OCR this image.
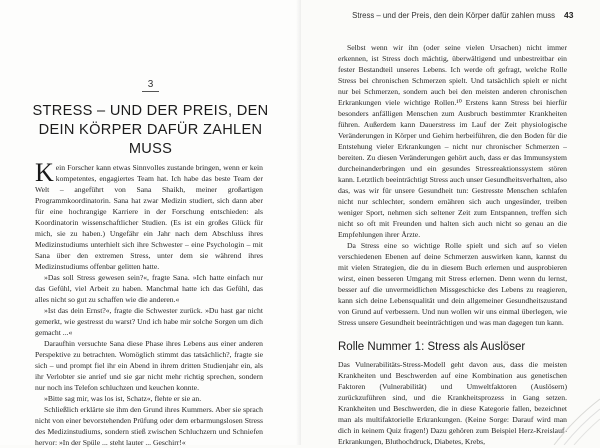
3
STRESS – UND DER PREIS, DEN DEIN KÖRPER DAFÜR ZAHLEN MUSS

Kein Forscher kann etwas Sinnvolles zustande bringen, wenn er kein kompetentes, engagiertes Team hat. Ich habe das beste Team der Welt – angeführt von Sana Shaikh, meiner großartigen Programmkoordinatorin. Sana hat zwar Medizin studiert, sich dann aber für eine hochrangige Karriere in der Forschung entschieden: als Koordinatorin wissenschaftlicher Studien. (Es ist ein großes Glück für mich, sie zu haben.) Ungefähr ein Jahr nach dem Abschluss ihres Medizinstudiums unterhielt sich ihre Schwester – eine Psychologin – mit Sana über den extremen Stress, unter dem sie während ihres Medizinstudiums offenbar gelitten hatte.

»Das soll Stress gewesen sein?«, fragte Sana. »Ich hatte einfach nur das Gefühl, viel Arbeit zu haben. Manchmal hatte ich das Gefühl, das alles nicht so gut zu schaffen wie die anderen.«

»Ist das dein Ernst?«, fragte die Schwester zurück. »Du hast gar nicht gemerkt, wie gestresst du warst? Und ich habe mir solche Sorgen um dich gemacht ...«

Daraufhin versuchte Sana diese Phase ihres Lebens aus einer anderen Perspektive zu betrachten. Womöglich stimmt das tatsächlich?, fragte sie sich – und prompt fiel ihr ein Abend in ihrem dritten Studienjahr ein, als ihr Verlobter sie anrief und sie gar nicht mehr richtig sprechen, sondern nur noch ins Telefon schluchzen und keuchen konnte.

»Bitte sag mir, was los ist, Schatz«, flehte er sie an.

Schließlich erklärte sie ihm den Grund ihres Kummers. Aber sie sprach nicht von einer bevorstehenden Prüfung oder dem erbarmungslosen Stress des Medizinstudiums, sondern stieß zwischen Schluchzern und Schniefen hervor: »In der Spüle ... steht lauter ... Geschirr!«

Stress – und der Preis, den dein Körper dafür zahlen muss 43

Selbst wenn wir ihn (oder seine vielen Ursachen) nicht immer erkennen, ist Stress doch mächtig, überwältigend und unbestreitbar ein fester Bestandteil unseres Lebens. Ich werde oft gefragt, welche Rolle Stress bei chronischen Schmerzen spielt. Und tatsächlich spielt er nicht nur bei Schmerzen, sondern auch bei den meisten anderen chronischen Erkrankungen viele wichtige Rollen.¹⁰ Erstens kann Stress bei hierfür besonders anfälligen Menschen zum Ausbruch bestimmter Krankheiten führen. Außerdem kann Dauerstress im Lauf der Zeit physiologische Veränderungen in Körper und Gehirn herbeiführen, die den Boden für die Entstehung vieler Erkrankungen – nicht nur chronischer Schmerzen – bereiten. Zu diesen Veränderungen gehört auch, dass er das Immunsystem durcheinanderbringen und ein gesundes Stressreaktionssystem stören kann. Letztlich beeinträchtigt Stress auch unser Gesundheitsverhalten, also das, was wir für unsere Gesundheit tun: Gestresste Menschen schlafen nicht nur schlechter, sondern ernähren sich auch ungesünder, treiben weniger Sport, nehmen sich seltener Zeit zum Entspannen, treffen sich nicht so oft mit Freunden und halten sich auch nicht so genau an die Empfehlungen ihrer Ärzte.

Da Stress eine so wichtige Rolle spielt und sich auf so vielen verschiedenen Ebenen auf deine Schmerzen auswirken kann, kannst du mit vielen Strategien, die du in diesem Buch erlernen und ausprobieren wirst, einen besseren Umgang mit Stress erlernen. Denn wenn du lernst, besser auf die unvermeidlichen Missgeschicke des Lebens zu reagieren, kann sich deine Lebensqualität und dein allgemeiner Gesundheitszustand von Grund auf verbessern. Und nun wollen wir uns einmal überlegen, wie Stress unsere Gesundheit beeinträchtigen und was man dagegen tun kann.

Rolle Nummer 1: Stress als Auslöser

Das Vulnerabilitäts-Stress-Modell geht davon aus, dass die meisten Krankheiten und Beschwerden auf eine Kombination aus genetischen Faktoren (Vulnerabilität) und Umweltfaktoren (Auslösern) zurückzuführen sind, und die Krankheitsprozess in Gang setzen. Krankheiten und Beschwerden, die in diese Kategorie fallen, bezeichnet man als multifaktorielle Erkrankungen. (Keine Sorge: Darauf wird man dich in keinem Quiz fragen!) Dazu gehören zum Beispiel Herz-Kreislauf-Erkrankungen, Bluthochdruck, Diabetes, Krebs,
